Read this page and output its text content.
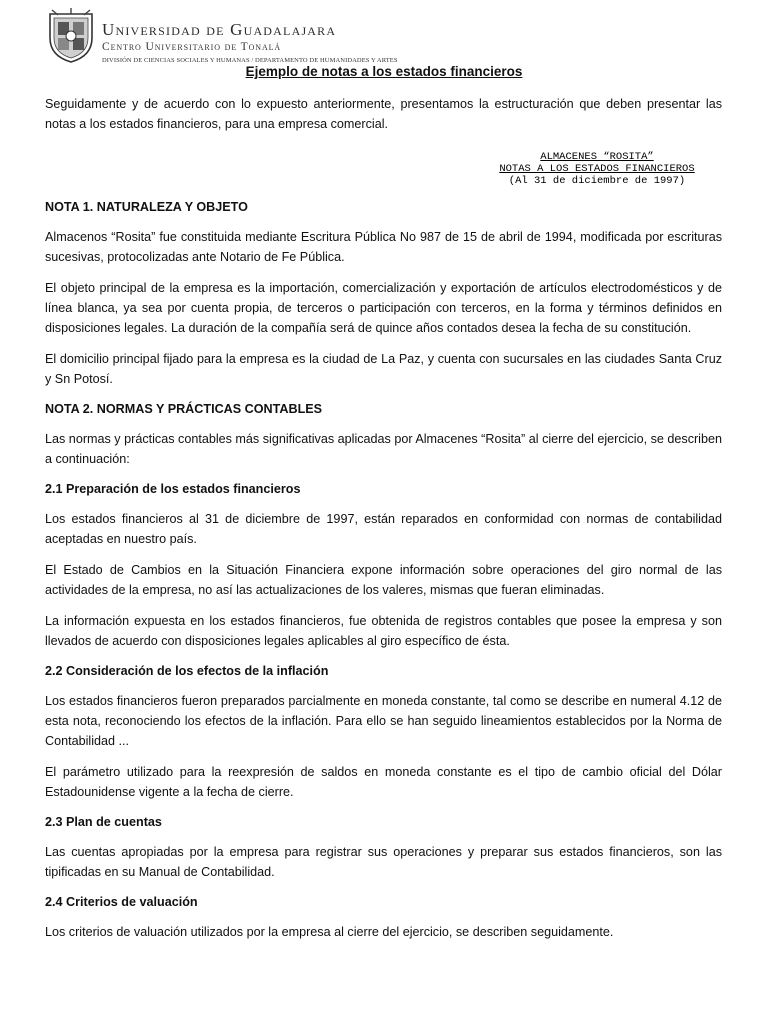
Universidad de Guadalajara
Centro Universitario de Tonalá
DIVISIÓN DE CIENCIAS SOCIALES Y HUMANAS / DEPARTAMENTO DE HUMANIDADES Y ARTES
Ejemplo de notas a los estados financieros
ALMACENES “ROSITA”
NOTAS A LOS ESTADOS FINANCIEROS
(Al 31 de diciembre de 1997)

Seguidamente y de acuerdo con lo expuesto anteriormente, presentamos la estructuración que deben presentar las notas a los estados financieros, para una empresa comercial.

NOTA 1. NATURALEZA Y OBJETO

Almacenos “Rosita” fue constituida mediante Escritura Pública No 987 de 15 de abril de 1994, modificada por escrituras sucesivas, protocolizadas ante Notario de Fe Pública.

El objeto principal de la empresa es la importación, comercialización y exportación de artículos electrodomésticos y de línea blanca, ya sea por cuenta propia, de terceros o participación con terceros, en la forma y términos definidos en disposiciones legales. La duración de la compañía será de quince años contados desea la fecha de su constitución.

El domicilio principal fijado para la empresa es la ciudad de La Paz, y cuenta con sucursales en las ciudades Santa Cruz y Sn Potosí.

NOTA 2. NORMAS Y PRÁCTICAS CONTABLES

Las normas y prácticas contables más significativas aplicadas por Almacenes “Rosita” al cierre del ejercicio, se describen a continuación:

2.1 Preparación de los estados financieros

Los estados financieros al 31 de diciembre de 1997, están reparados en conformidad con normas de contabilidad aceptadas en nuestro país.

El Estado de Cambios en la Situación Financiera expone información sobre operaciones del giro normal de las actividades de la empresa, no así las actualizaciones de los valeres, mismas que fueran eliminadas.

La información expuesta en los estados financieros, fue obtenida de registros contables que posee la empresa y son llevados de acuerdo con disposiciones legales aplicables al giro específico de ésta.

2.2 Consideración de los efectos de la inflación

Los estados financieros fueron preparados parcialmente en moneda constante, tal como se describe en numeral 4.12 de esta nota, reconociendo los efectos de la inflación. Para ello se han seguido lineamientos establecidos por la Norma de Contabilidad ...

El parámetro utilizado para la reexpresión de saldos en moneda constante es el tipo de cambio oficial del Dólar Estadounidense vigente a la fecha de cierre.

2.3 Plan de cuentas

Las cuentas apropiadas por la empresa para registrar sus operaciones y preparar sus estados financieros, son las tipificadas en su Manual de Contabilidad.

2.4 Criterios de valuación

Los criterios de valuación utilizados por la empresa al cierre del ejercicio, se describen seguidamente.
